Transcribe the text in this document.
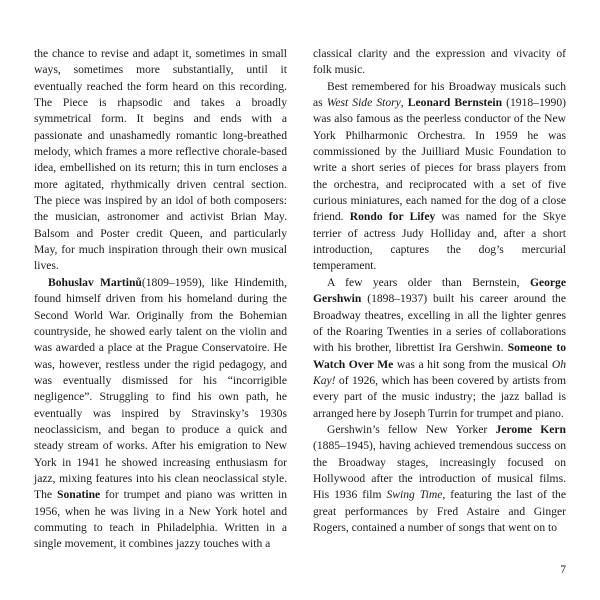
the chance to revise and adapt it, sometimes in small ways, sometimes more substantially, until it eventually reached the form heard on this recording. The Piece is rhapsodic and takes a broadly symmetrical form. It begins and ends with a passionate and unashamedly romantic long-breathed melody, which frames a more reflective chorale-based idea, embellished on its return; this in turn encloses a more agitated, rhythmically driven central section. The piece was inspired by an idol of both composers: the musician, astronomer and activist Brian May. Balsom and Poster credit Queen, and particularly May, for much inspiration through their own musical lives.

Bohuslav Martinů(1809–1959), like Hindemith, found himself driven from his homeland during the Second World War. Originally from the Bohemian countryside, he showed early talent on the violin and was awarded a place at the Prague Conservatoire. He was, however, restless under the rigid pedagogy, and was eventually dismissed for his “incorrigible negligence”. Struggling to find his own path, he eventually was inspired by Stravinsky’s 1930s neoclassicism, and began to produce a quick and steady stream of works. After his emigration to New York in 1941 he showed increasing enthusiasm for jazz, mixing features into his clean neoclassical style. The Sonatine for trumpet and piano was written in 1956, when he was living in a New York hotel and commuting to teach in Philadelphia. Written in a single movement, it combines jazzy touches with a

classical clarity and the expression and vivacity of folk music.

Best remembered for his Broadway musicals such as West Side Story, Leonard Bernstein (1918–1990) was also famous as the peerless conductor of the New York Philharmonic Orchestra. In 1959 he was commissioned by the Juilliard Music Foundation to write a short series of pieces for brass players from the orchestra, and reciprocated with a set of five curious miniatures, each named for the dog of a close friend. Rondo for Lifey was named for the Skye terrier of actress Judy Holliday and, after a short introduction, captures the dog’s mercurial temperament.

A few years older than Bernstein, George Gershwin (1898–1937) built his career around the Broadway theatres, excelling in all the lighter genres of the Roaring Twenties in a series of collaborations with his brother, librettist Ira Gershwin. Someone to Watch Over Me was a hit song from the musical Oh Kay! of 1926, which has been covered by artists from every part of the music industry; the jazz ballad is arranged here by Joseph Turrin for trumpet and piano.

Gershwin’s fellow New Yorker Jerome Kern (1885–1945), having achieved tremendous success on the Broadway stages, increasingly focused on Hollywood after the introduction of musical films. His 1936 film Swing Time, featuring the last of the great performances by Fred Astaire and Ginger Rogers, contained a number of songs that went on to

7
